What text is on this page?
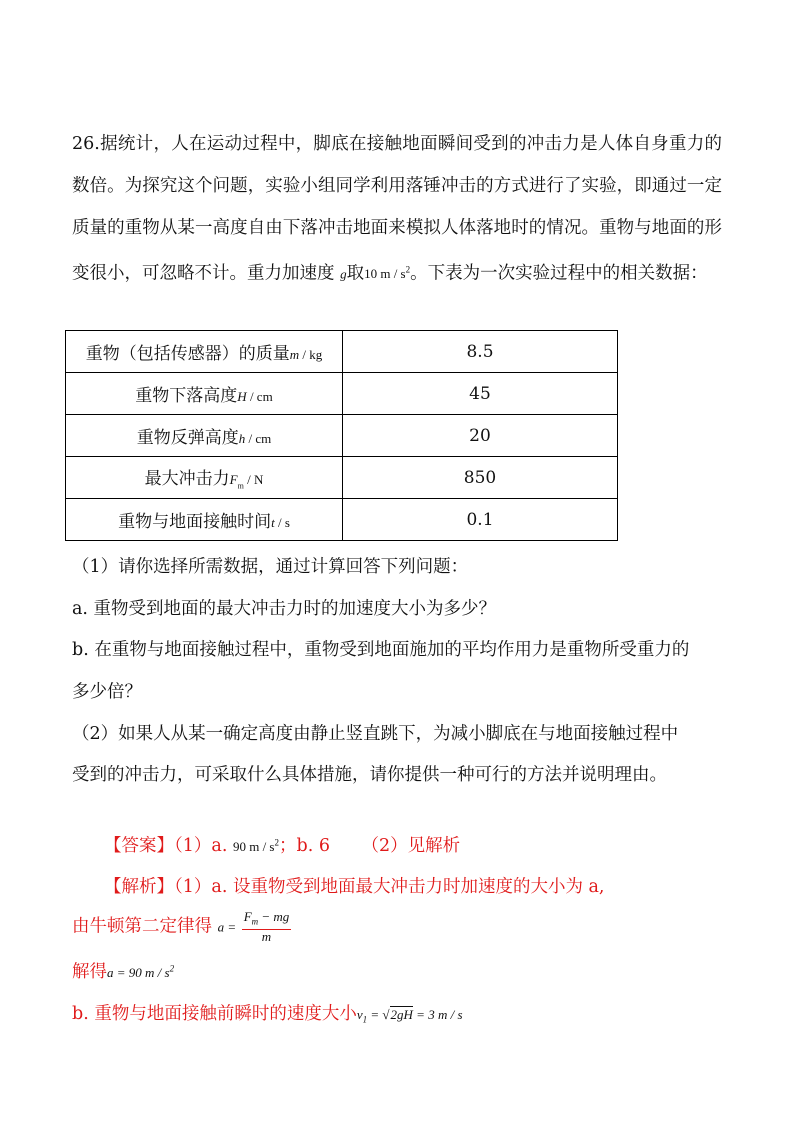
26.据统计，人在运动过程中，脚底在接触地面瞬间受到的冲击力是人体自身重力的数倍。为探究这个问题，实验小组同学利用落锤冲击的方式进行了实验，即通过一定质量的重物从某一高度自由下落冲击地面来模拟人体落地时的情况。重物与地面的形变很小，可忽略不计。重力加速度 g取10 m / $s^2$。下表为一次实验过程中的相关数据：
重物（包括传感器）的质量m / kg	8.5
重物下落高度H / cm	45
重物反弹高度h / cm	20
最大冲击力$F_m$ / N	850
重物与地面接触时间t / s	0.1
（1）请你选择所需数据，通过计算回答下列问题：
a. 重物受到地面的最大冲击力时的加速度大小为多少？
b. 在重物与地面接触过程中，重物受到地面施加的平均作用力是重物所受重力的
多少倍？
（2）如果人从某一确定高度由静止竖直跳下，为减小脚底在与地面接触过程中
受到的冲击力，可采取什么具体措施，请你提供一种可行的方法并说明理由。
【答案】（1）a. 90 m / $s^2$；b. 6 （2）见解析
【解析】（1）a. 设重物受到地面最大冲击力时加速度的大小为 a,
由牛顿第二定律得 $a = \frac{F_m - mg}{m}$
解得a = 90 m / $s^2$
b. 重物与地面接触前瞬时的速度大小$v_1 = √2gH = 3$ m / s
